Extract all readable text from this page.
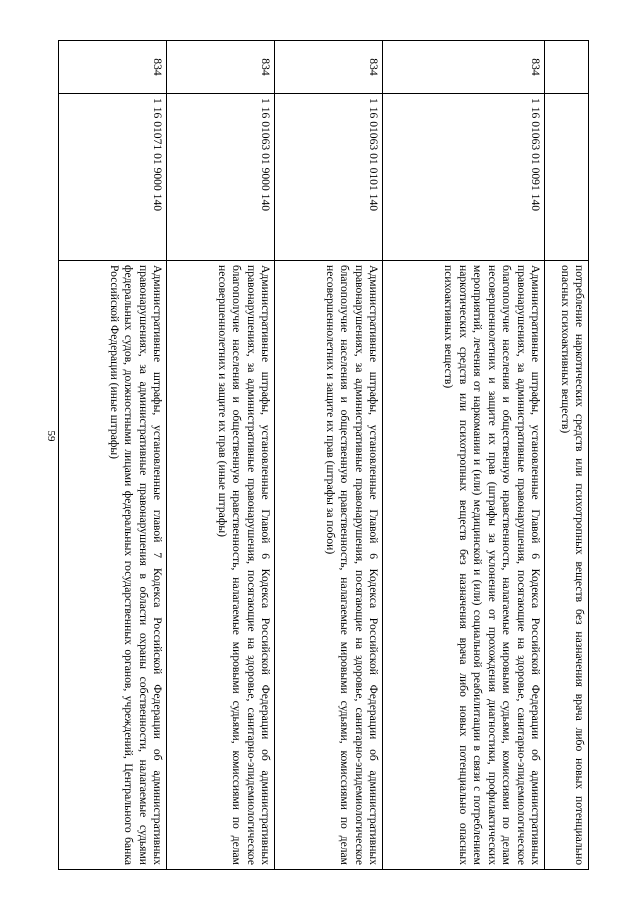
59
			потребление наркотических средств или психотропных веществ без назначения врача либо новых потенциально опасных психоактивных веществ)
834	1 16 01063 01 0091 140	Административные штрафы, установленные Главой 6 Кодекса Российской Федерации об административных правонарушениях, за административные правонарушения, посягающие на здоровье, санитарно-эпидемиологическое благополучие населения и общественную нравственность, налагаемые мировыми судьями, комиссиями по делам несовершеннолетних и защите их прав (штрафы за уклонение от прохождения диагностики, профилактических мероприятий, лечения от наркомании и (или) медицинской и (или) социальной реабилитации в связи с потреблением наркотических средств или психотропных веществ без назначения врача либо новых потенциально опасных психоактивных веществ)
834	1 16 01063 01 0101 140	Административные штрафы, установленные Главой 6 Кодекса Российской Федерации об административных правонарушениях, за административные правонарушения, посягающие на здоровье, санитарно-эпидемиологическое благополучие населения и общественную нравственность, налагаемые мировыми судьями, комиссиями по делам несовершеннолетних и защите их прав (штрафы за побои)
834	1 16 01063 01 9000 140	Административные штрафы, установленные Главой 6 Кодекса Российской Федерации об административных правонарушениях, за административные правонарушения, посягающие на здоровье, санитарно-эпидемиологическое благополучие населения и общественную нравственность, налагаемые мировыми судьями, комиссиями по делам несовершеннолетних и защите их прав (иные штрафы)
834	1 16 01071 01 9000 140	Административные штрафы, установленные главой 7 Кодекса Российской Федерации об административных правонарушениях, за административные правонарушения в области охраны собственности, налагаемые судьями федеральных судов, должностными лицами федеральных государственных органов, учреждений, Центрального банка Российской Федерации (иные штрафы)
